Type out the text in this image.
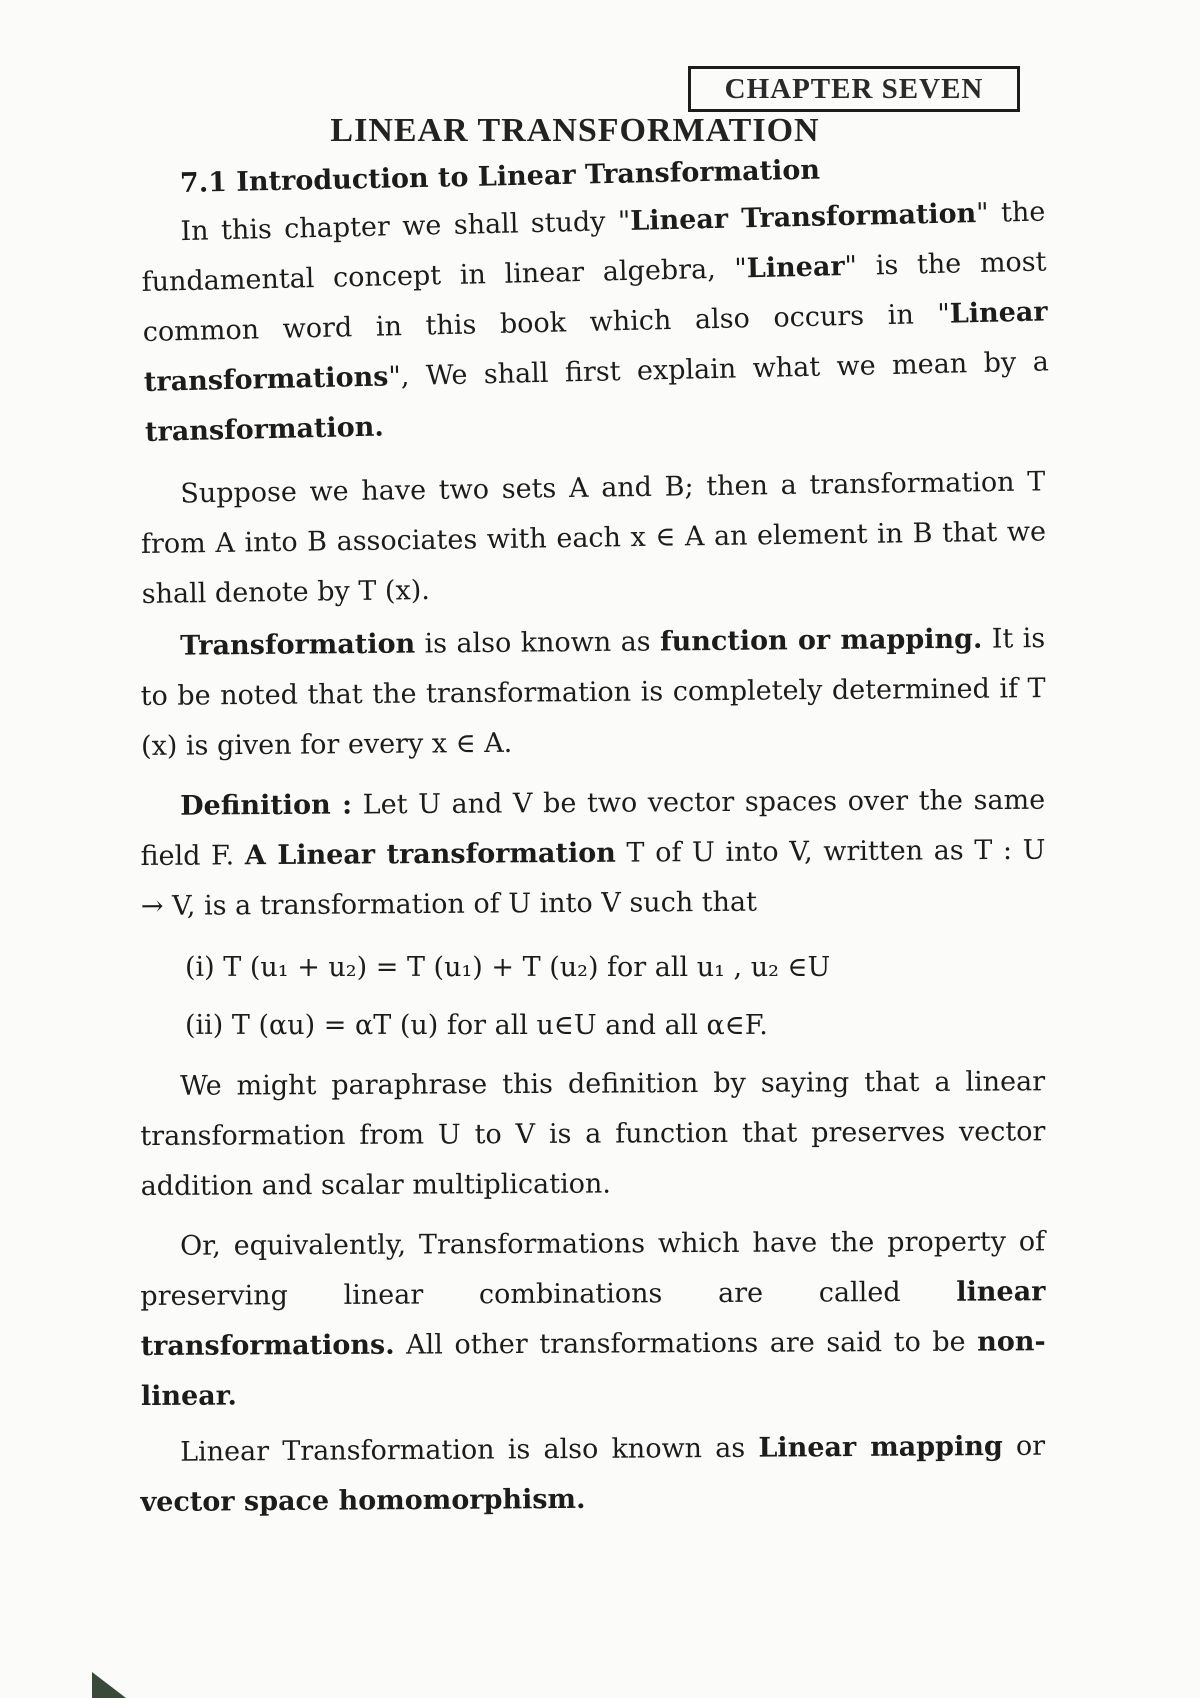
CHAPTER SEVEN
LINEAR TRANSFORMATION
7.1 Introduction to Linear Transformation
In this chapter we shall study "Linear Transformation" the fundamental concept in linear algebra, "Linear" is the most common word in this book which also occurs in "Linear transformations", We shall first explain what we mean by a transformation.
Suppose we have two sets A and B; then a transformation T from A into B associates with each x ∈ A an element in B that we shall denote by T (x).
Transformation is also known as function or mapping. It is to be noted that the transformation is completely determined if T (x) is given for every x ∈ A.
Definition : Let U and V be two vector spaces over the same field F. A Linear transformation T of U into V, written as T : U → V, is a transformation of U into V such that
(i) T (u₁ + u₂) = T (u₁) + T (u₂) for all u₁ , u₂ ∈U
(ii) T (αu) = αT (u) for all u∈U and all α∈F.
We might paraphrase this definition by saying that a linear transformation from U to V is a function that preserves vector addition and scalar multiplication.
Or, equivalently, Transformations which have the property of preserving linear combinations are called linear transformations. All other transformations are said to be non-linear.
Linear Transformation is also known as Linear mapping or vector space homomorphism.
